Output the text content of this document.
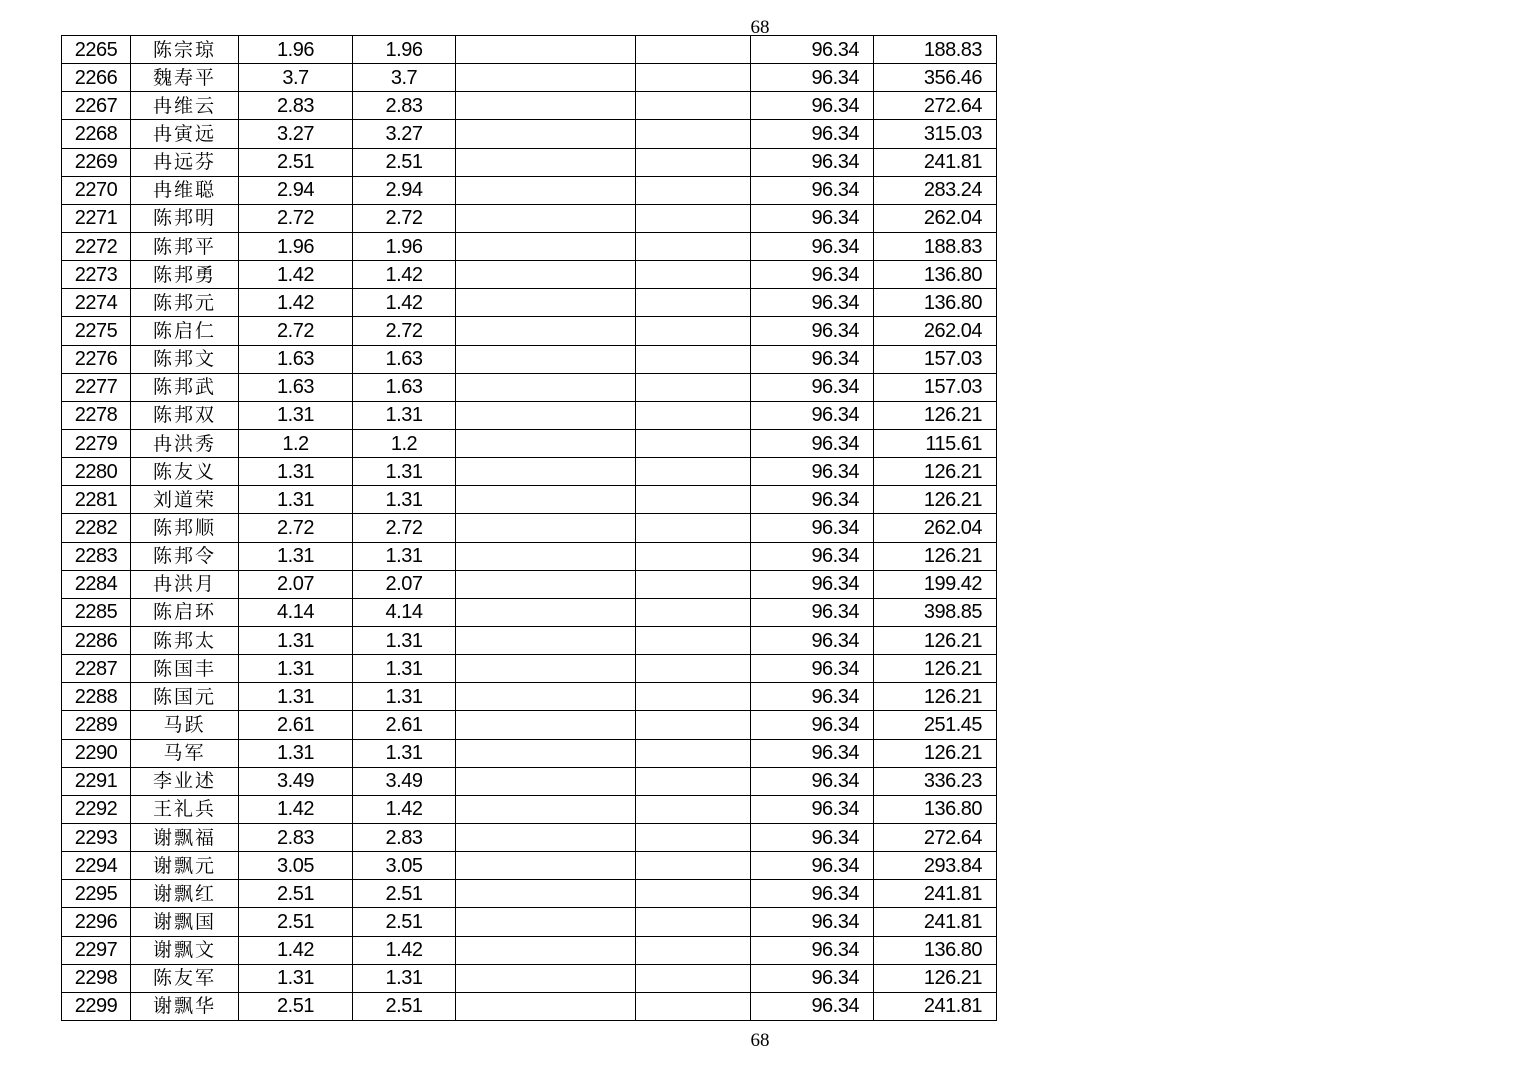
68
2265	陈宗琼	1.96	1.96			96.34	188.83
2266	魏寿平	3.7	3.7			96.34	356.46
2267	冉维云	2.83	2.83			96.34	272.64
2268	冉寅远	3.27	3.27			96.34	315.03
2269	冉远芬	2.51	2.51			96.34	241.81
2270	冉维聪	2.94	2.94			96.34	283.24
2271	陈邦明	2.72	2.72			96.34	262.04
2272	陈邦平	1.96	1.96			96.34	188.83
2273	陈邦勇	1.42	1.42			96.34	136.80
2274	陈邦元	1.42	1.42			96.34	136.80
2275	陈启仁	2.72	2.72			96.34	262.04
2276	陈邦文	1.63	1.63			96.34	157.03
2277	陈邦武	1.63	1.63			96.34	157.03
2278	陈邦双	1.31	1.31			96.34	126.21
2279	冉洪秀	1.2	1.2			96.34	115.61
2280	陈友义	1.31	1.31			96.34	126.21
2281	刘道荣	1.31	1.31			96.34	126.21
2282	陈邦顺	2.72	2.72			96.34	262.04
2283	陈邦令	1.31	1.31			96.34	126.21
2284	冉洪月	2.07	2.07			96.34	199.42
2285	陈启环	4.14	4.14			96.34	398.85
2286	陈邦太	1.31	1.31			96.34	126.21
2287	陈国丰	1.31	1.31			96.34	126.21
2288	陈国元	1.31	1.31			96.34	126.21
2289	马跃	2.61	2.61			96.34	251.45
2290	马军	1.31	1.31			96.34	126.21
2291	李业述	3.49	3.49			96.34	336.23
2292	王礼兵	1.42	1.42			96.34	136.80
2293	谢飘福	2.83	2.83			96.34	272.64
2294	谢飘元	3.05	3.05			96.34	293.84
2295	谢飘红	2.51	2.51			96.34	241.81
2296	谢飘国	2.51	2.51			96.34	241.81
2297	谢飘文	1.42	1.42			96.34	136.80
2298	陈友军	1.31	1.31			96.34	126.21
2299	谢飘华	2.51	2.51			96.34	241.81
68
